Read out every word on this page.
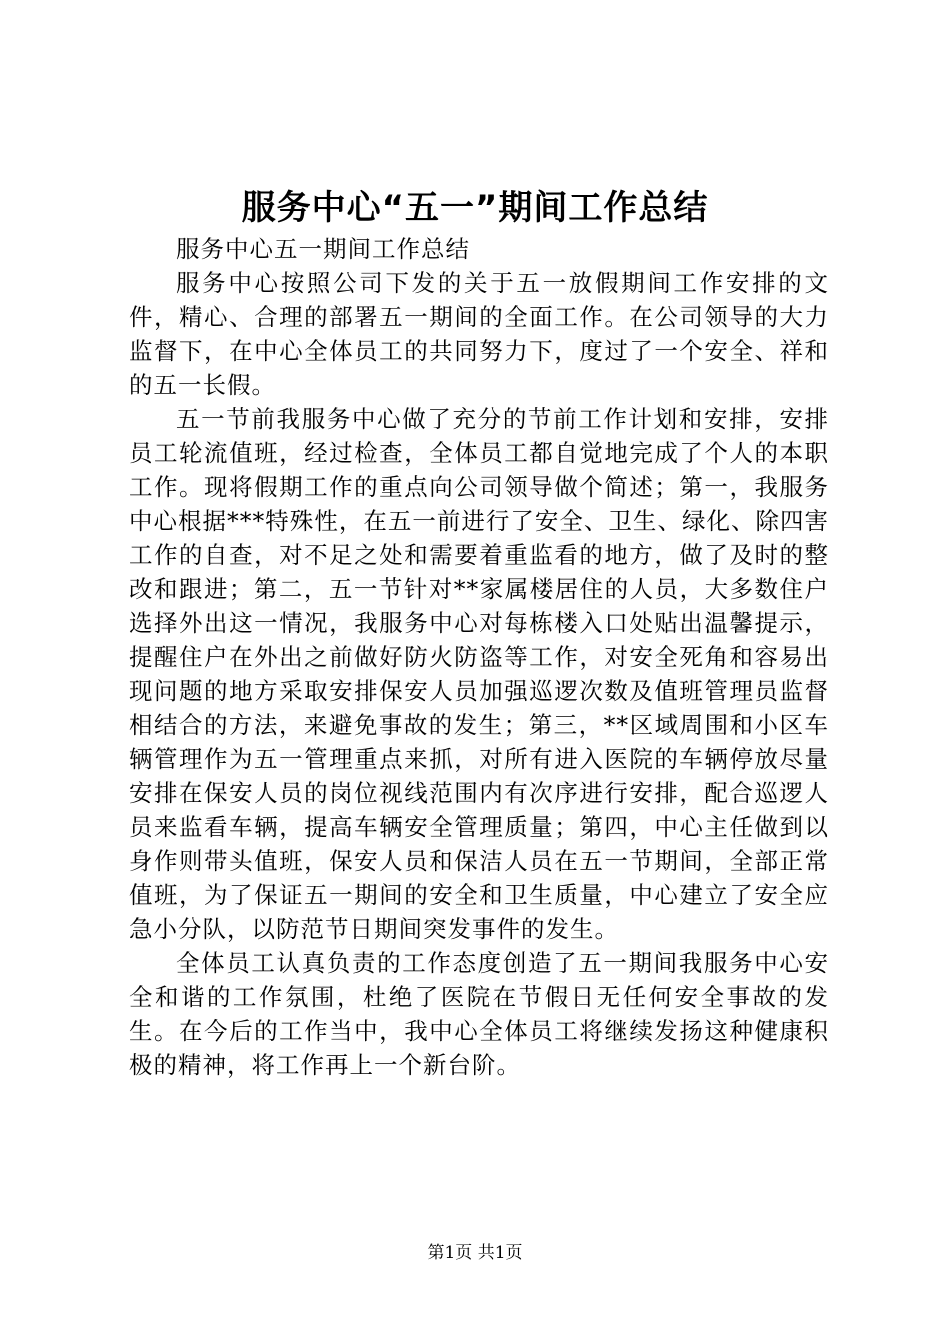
服务中心“五一”期间工作总结

服务中心五一期间工作总结

服务中心按照公司下发的关于五一放假期间工作安排的文件，精心、合理的部署五一期间的全面工作。在公司领导的大力监督下，在中心全体员工的共同努力下，度过了一个安全、祥和的五一长假。

五一节前我服务中心做了充分的节前工作计划和安排，安排员工轮流值班，经过检查，全体员工都自觉地完成了个人的本职工作。现将假期工作的重点向公司领导做个简述；第一，我服务中心根据***特殊性，在五一前进行了安全、卫生、绿化、除四害工作的自查，对不足之处和需要着重监看的地方，做了及时的整改和跟进；第二，五一节针对**家属楼居住的人员，大多数住户选择外出这一情况，我服务中心对每栋楼入口处贴出温馨提示，提醒住户在外出之前做好防火防盗等工作，对安全死角和容易出现问题的地方采取安排保安人员加强巡逻次数及值班管理员监督相结合的方法，来避免事故的发生；第三，**区域周围和小区车辆管理作为五一管理重点来抓，对所有进入医院的车辆停放尽量安排在保安人员的岗位视线范围内有次序进行安排，配合巡逻人员来监看车辆，提高车辆安全管理质量；第四，中心主任做到以身作则带头值班，保安人员和保洁人员在五一节期间，全部正常值班，为了保证五一期间的安全和卫生质量，中心建立了安全应急小分队，以防范节日期间突发事件的发生。

全体员工认真负责的工作态度创造了五一期间我服务中心安全和谐的工作氛围，杜绝了医院在节假日无任何安全事故的发生。在今后的工作当中，我中心全体员工将继续发扬这种健康积极的精神，将工作再上一个新台阶。

第1页 共1页
